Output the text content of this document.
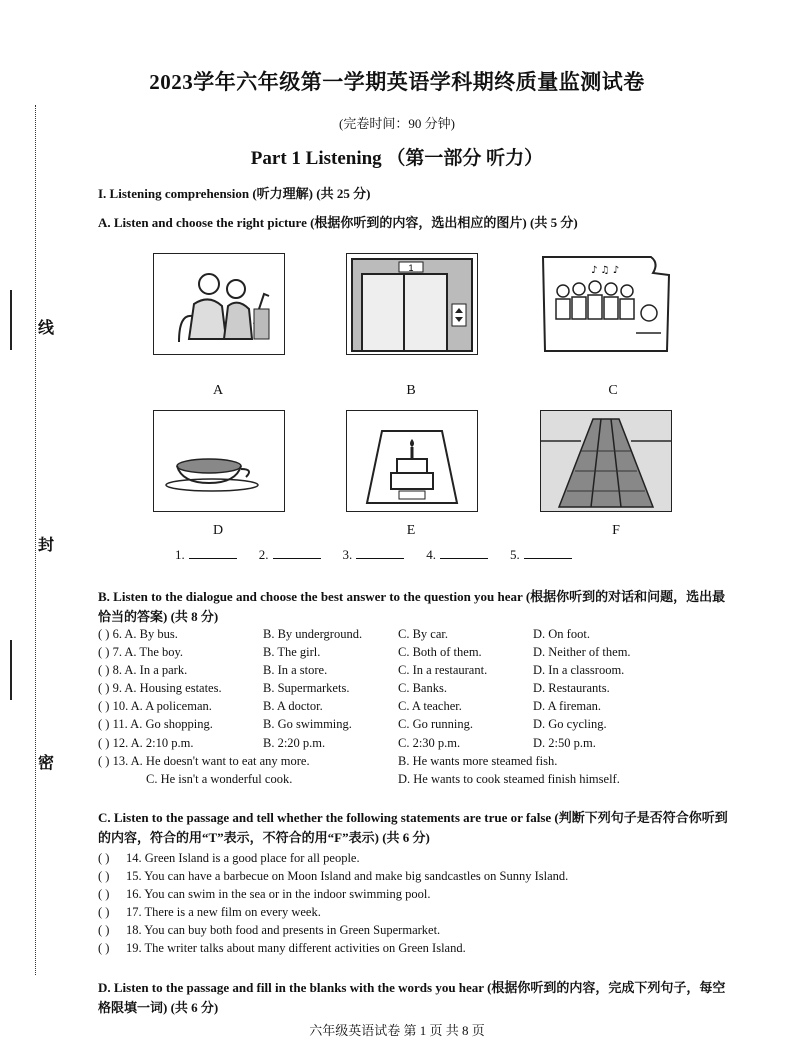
线
封
密
2023学年六年级第一学期英语学科期终质量监测试卷
(完卷时间：90 分钟)
Part 1 Listening （第一部分 听力）
I. Listening comprehension (听力理解) (共 25 分)
A. Listen and choose the right picture (根据你听到的内容，选出相应的图片) (共 5 分)
1	♪ ♫ ♪
A	B	C
D	E	F
1.	2.	3.	4.	5.
B. Listen to the dialogue and choose the best answer to the question you hear (根据你听到的对话和问题，选出最恰当的答案) (共 8 分)
( ) 6. A. By bus.	B. By underground.	C. By car.	D. On foot.
( ) 7. A. The boy.	B. The girl.	C. Both of them.	D. Neither of them.
( ) 8. A. In a park.	B. In a store.	C. In a restaurant.	D. In a classroom.
( ) 9. A. Housing estates.	B. Supermarkets.	C. Banks.	D. Restaurants.
( ) 10. A. A policeman.	B. A doctor.	C. A teacher.	D. A fireman.
( ) 11. A. Go shopping.	B. Go swimming.	C. Go running.	D. Go cycling.
( ) 12. A. 2:10 p.m.	B. 2:20 p.m.	C. 2:30 p.m.	D. 2:50 p.m.
( ) 13. A. He doesn't want to eat any more.	B. He wants more steamed fish.
C. He isn't a wonderful cook.	D. He wants to cook steamed finish himself.
C. Listen to the passage and tell whether the following statements are true or false (判断下列句子是否符合你听到的内容，符合的用“T”表示，不符合的用“F”表示) (共 6 分)
( ) 14. Green Island is a good place for all people.
( ) 15. You can have a barbecue on Moon Island and make big sandcastles on Sunny Island.
( ) 16. You can swim in the sea or in the indoor swimming pool.
( ) 17. There is a new film on every week.
( ) 18. You can buy both food and presents in Green Supermarket.
( ) 19. The writer talks about many different activities on Green Island.
D. Listen to the passage and fill in the blanks with the words you hear (根据你听到的内容，完成下列句子，每空格限填一词) (共 6 分)
六年级英语试卷 第 1 页 共 8 页
